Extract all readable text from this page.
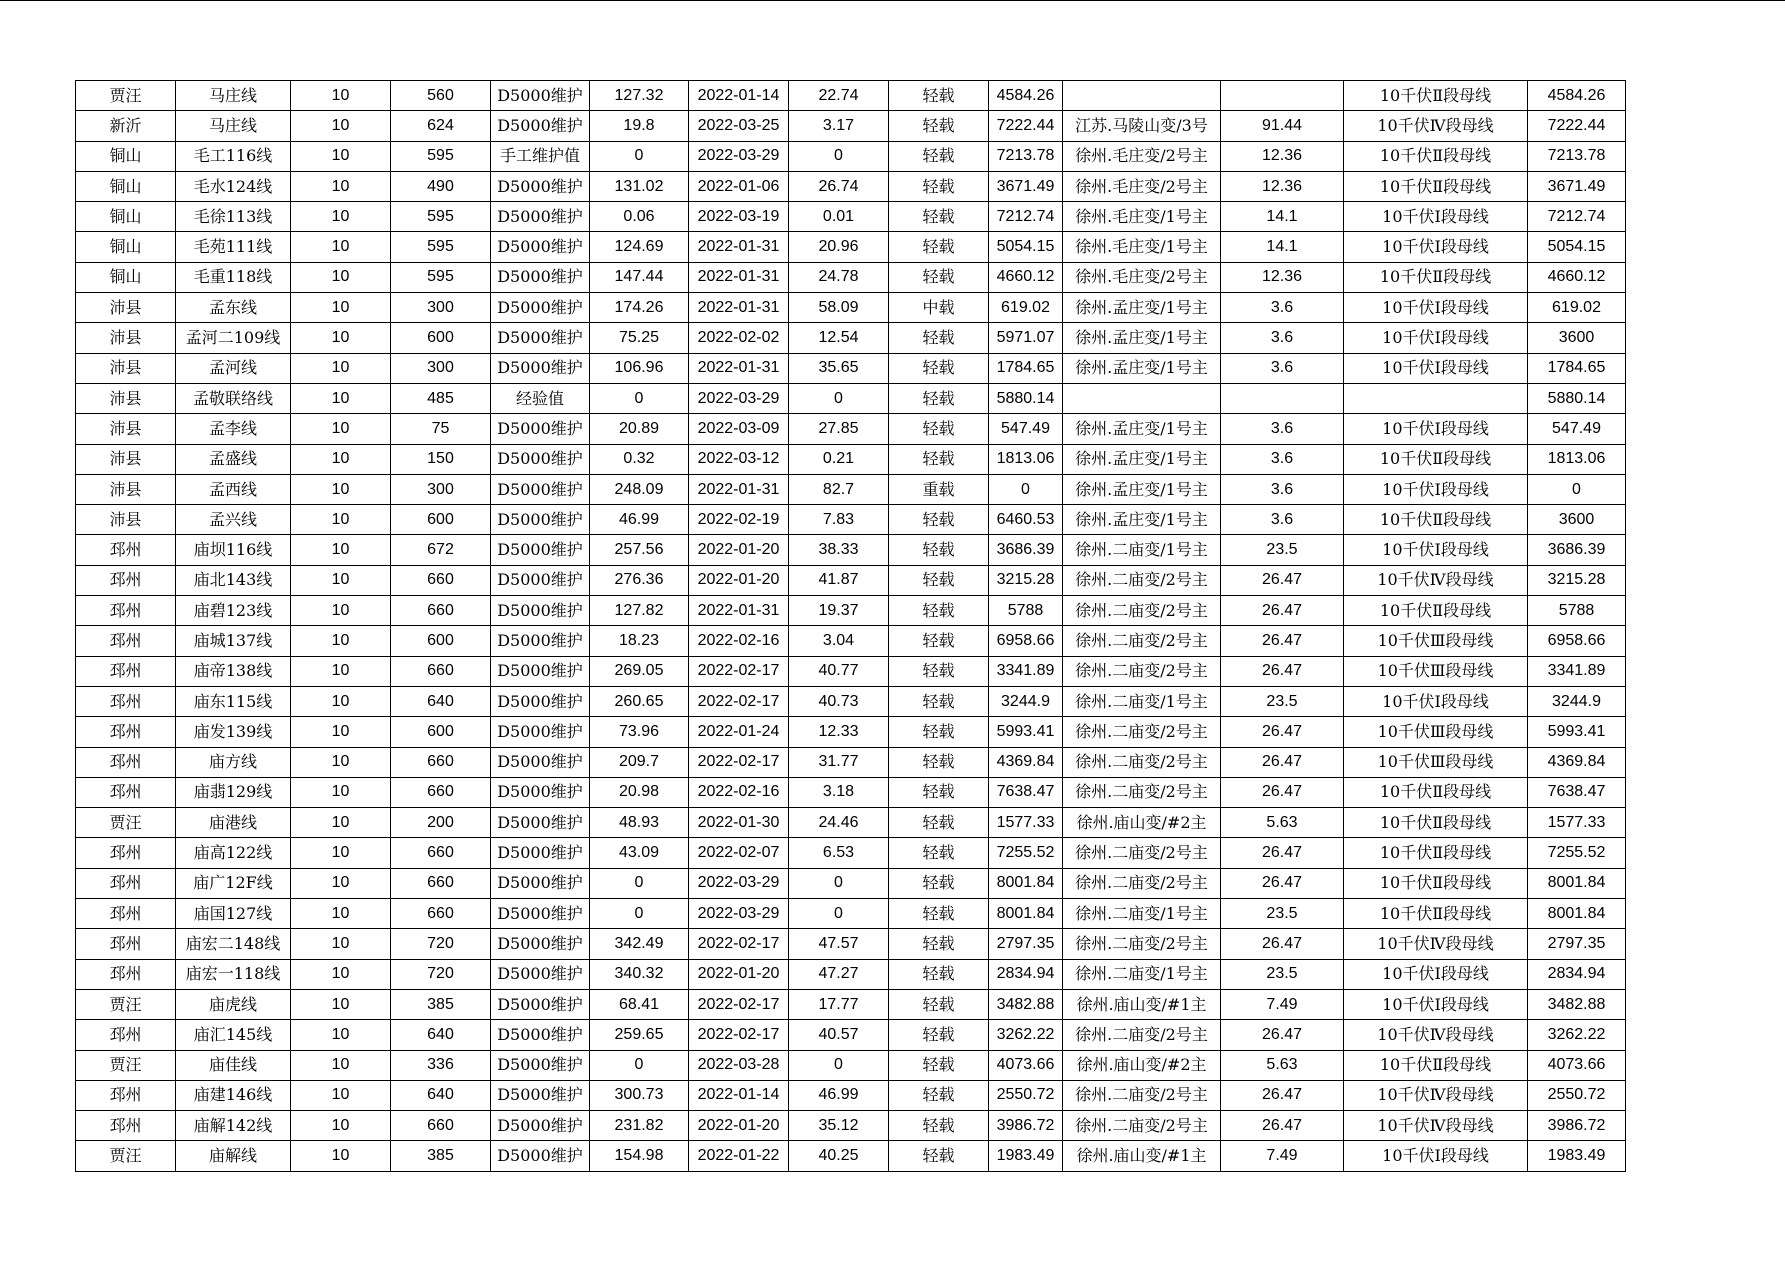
贾汪	马庄线	10	560	D5000维护	127.32	2022-01-14	22.74	轻载	4584.26			10千伏Ⅱ段母线	4584.26
新沂	马庄线	10	624	D5000维护	19.8	2022-03-25	3.17	轻载	7222.44	江苏.马陵山变/3号	91.44	10千伏Ⅳ段母线	7222.44
铜山	毛工116线	10	595	手工维护值	0	2022-03-29	0	轻载	7213.78	徐州.毛庄变/2号主	12.36	10千伏Ⅱ段母线	7213.78
铜山	毛水124线	10	490	D5000维护	131.02	2022-01-06	26.74	轻载	3671.49	徐州.毛庄变/2号主	12.36	10千伏Ⅱ段母线	3671.49
铜山	毛徐113线	10	595	D5000维护	0.06	2022-03-19	0.01	轻载	7212.74	徐州.毛庄变/1号主	14.1	10千伏Ⅰ段母线	7212.74
铜山	毛苑111线	10	595	D5000维护	124.69	2022-01-31	20.96	轻载	5054.15	徐州.毛庄变/1号主	14.1	10千伏Ⅰ段母线	5054.15
铜山	毛重118线	10	595	D5000维护	147.44	2022-01-31	24.78	轻载	4660.12	徐州.毛庄变/2号主	12.36	10千伏Ⅱ段母线	4660.12
沛县	孟东线	10	300	D5000维护	174.26	2022-01-31	58.09	中载	619.02	徐州.孟庄变/1号主	3.6	10千伏Ⅰ段母线	619.02
沛县	孟河二109线	10	600	D5000维护	75.25	2022-02-02	12.54	轻载	5971.07	徐州.孟庄变/1号主	3.6	10千伏Ⅰ段母线	3600
沛县	孟河线	10	300	D5000维护	106.96	2022-01-31	35.65	轻载	1784.65	徐州.孟庄变/1号主	3.6	10千伏Ⅰ段母线	1784.65
沛县	孟敬联络线	10	485	经验值	0	2022-03-29	0	轻载	5880.14				5880.14
沛县	孟李线	10	75	D5000维护	20.89	2022-03-09	27.85	轻载	547.49	徐州.孟庄变/1号主	3.6	10千伏Ⅰ段母线	547.49
沛县	孟盛线	10	150	D5000维护	0.32	2022-03-12	0.21	轻载	1813.06	徐州.孟庄变/1号主	3.6	10千伏Ⅱ段母线	1813.06
沛县	孟西线	10	300	D5000维护	248.09	2022-01-31	82.7	重载	0	徐州.孟庄变/1号主	3.6	10千伏Ⅰ段母线	0
沛县	孟兴线	10	600	D5000维护	46.99	2022-02-19	7.83	轻载	6460.53	徐州.孟庄变/1号主	3.6	10千伏Ⅱ段母线	3600
邳州	庙坝116线	10	672	D5000维护	257.56	2022-01-20	38.33	轻载	3686.39	徐州.二庙变/1号主	23.5	10千伏Ⅰ段母线	3686.39
邳州	庙北143线	10	660	D5000维护	276.36	2022-01-20	41.87	轻载	3215.28	徐州.二庙变/2号主	26.47	10千伏Ⅳ段母线	3215.28
邳州	庙碧123线	10	660	D5000维护	127.82	2022-01-31	19.37	轻载	5788	徐州.二庙变/2号主	26.47	10千伏Ⅱ段母线	5788
邳州	庙城137线	10	600	D5000维护	18.23	2022-02-16	3.04	轻载	6958.66	徐州.二庙变/2号主	26.47	10千伏Ⅲ段母线	6958.66
邳州	庙帝138线	10	660	D5000维护	269.05	2022-02-17	40.77	轻载	3341.89	徐州.二庙变/2号主	26.47	10千伏Ⅲ段母线	3341.89
邳州	庙东115线	10	640	D5000维护	260.65	2022-02-17	40.73	轻载	3244.9	徐州.二庙变/1号主	23.5	10千伏Ⅰ段母线	3244.9
邳州	庙发139线	10	600	D5000维护	73.96	2022-01-24	12.33	轻载	5993.41	徐州.二庙变/2号主	26.47	10千伏Ⅲ段母线	5993.41
邳州	庙方线	10	660	D5000维护	209.7	2022-02-17	31.77	轻载	4369.84	徐州.二庙变/2号主	26.47	10千伏Ⅲ段母线	4369.84
邳州	庙翡129线	10	660	D5000维护	20.98	2022-02-16	3.18	轻载	7638.47	徐州.二庙变/2号主	26.47	10千伏Ⅱ段母线	7638.47
贾汪	庙港线	10	200	D5000维护	48.93	2022-01-30	24.46	轻载	1577.33	徐州.庙山变/#2主	5.63	10千伏Ⅱ段母线	1577.33
邳州	庙高122线	10	660	D5000维护	43.09	2022-02-07	6.53	轻载	7255.52	徐州.二庙变/2号主	26.47	10千伏Ⅱ段母线	7255.52
邳州	庙广12F线	10	660	D5000维护	0	2022-03-29	0	轻载	8001.84	徐州.二庙变/2号主	26.47	10千伏Ⅱ段母线	8001.84
邳州	庙国127线	10	660	D5000维护	0	2022-03-29	0	轻载	8001.84	徐州.二庙变/1号主	23.5	10千伏Ⅱ段母线	8001.84
邳州	庙宏二148线	10	720	D5000维护	342.49	2022-02-17	47.57	轻载	2797.35	徐州.二庙变/2号主	26.47	10千伏Ⅳ段母线	2797.35
邳州	庙宏一118线	10	720	D5000维护	340.32	2022-01-20	47.27	轻载	2834.94	徐州.二庙变/1号主	23.5	10千伏Ⅰ段母线	2834.94
贾汪	庙虎线	10	385	D5000维护	68.41	2022-02-17	17.77	轻载	3482.88	徐州.庙山变/#1主	7.49	10千伏Ⅰ段母线	3482.88
邳州	庙汇145线	10	640	D5000维护	259.65	2022-02-17	40.57	轻载	3262.22	徐州.二庙变/2号主	26.47	10千伏Ⅳ段母线	3262.22
贾汪	庙佳线	10	336	D5000维护	0	2022-03-28	0	轻载	4073.66	徐州.庙山变/#2主	5.63	10千伏Ⅱ段母线	4073.66
邳州	庙建146线	10	640	D5000维护	300.73	2022-01-14	46.99	轻载	2550.72	徐州.二庙变/2号主	26.47	10千伏Ⅳ段母线	2550.72
邳州	庙解142线	10	660	D5000维护	231.82	2022-01-20	35.12	轻载	3986.72	徐州.二庙变/2号主	26.47	10千伏Ⅳ段母线	3986.72
贾汪	庙解线	10	385	D5000维护	154.98	2022-01-22	40.25	轻载	1983.49	徐州.庙山变/#1主	7.49	10千伏Ⅰ段母线	1983.49
